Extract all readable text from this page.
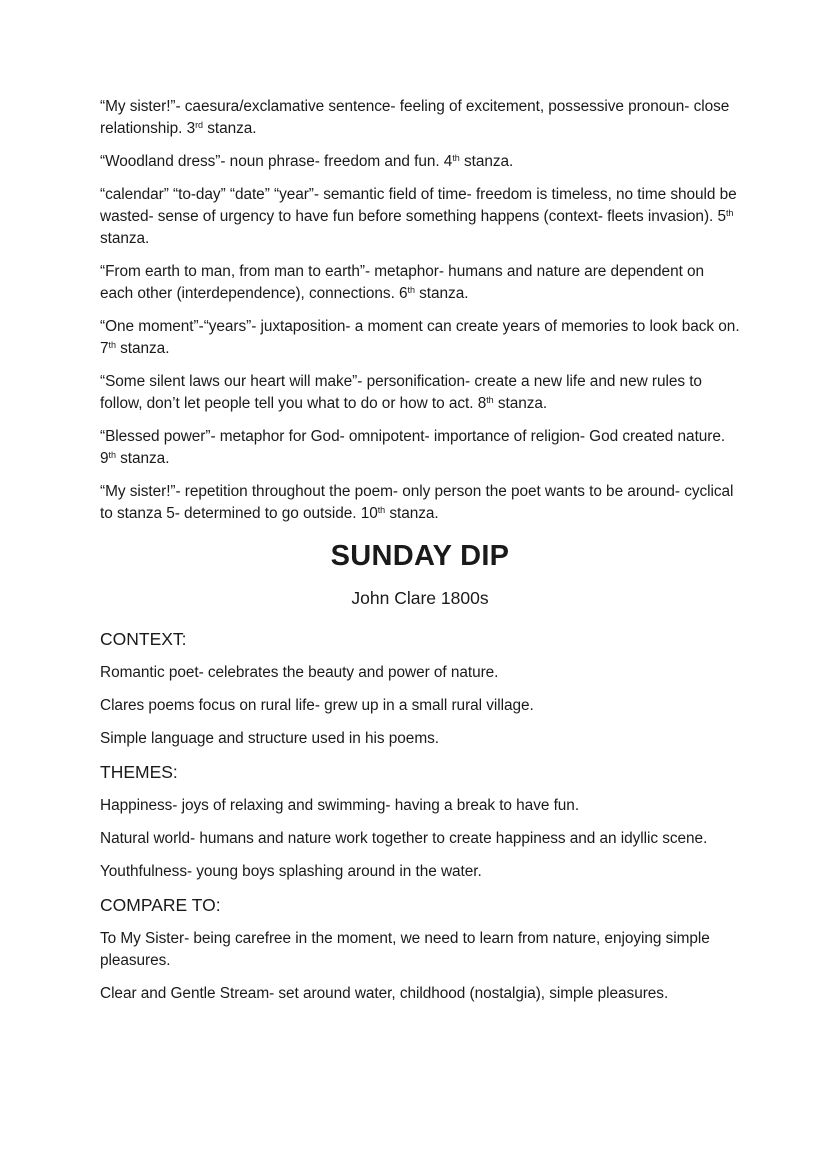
“My sister!”- caesura/exclamative sentence- feeling of excitement, possessive pronoun- close relationship. 3rd stanza.

“Woodland dress”- noun phrase- freedom and fun. 4th stanza.

“calendar” “to-day” “date” “year”- semantic field of time- freedom is timeless, no time should be wasted- sense of urgency to have fun before something happens (context- fleets invasion). 5th stanza.

“From earth to man, from man to earth”- metaphor- humans and nature are dependent on each other (interdependence), connections. 6th stanza.

“One moment”-“years”- juxtaposition- a moment can create years of memories to look back on. 7th stanza.

“Some silent laws our heart will make”- personification- create a new life and new rules to follow, don’t let people tell you what to do or how to act. 8th stanza.

“Blessed power”- metaphor for God- omnipotent- importance of religion- God created nature. 9th stanza.

“My sister!”- repetition throughout the poem- only person the poet wants to be around- cyclical to stanza 5- determined to go outside. 10th stanza.

SUNDAY DIP
John Clare 1800s
CONTEXT:

Romantic poet- celebrates the beauty and power of nature.

Clares poems focus on rural life- grew up in a small rural village.

Simple language and structure used in his poems.

THEMES:

Happiness- joys of relaxing and swimming- having a break to have fun.

Natural world- humans and nature work together to create happiness and an idyllic scene.

Youthfulness- young boys splashing around in the water.

COMPARE TO:

To My Sister- being carefree in the moment, we need to learn from nature, enjoying simple pleasures.

Clear and Gentle Stream- set around water, childhood (nostalgia), simple pleasures.
